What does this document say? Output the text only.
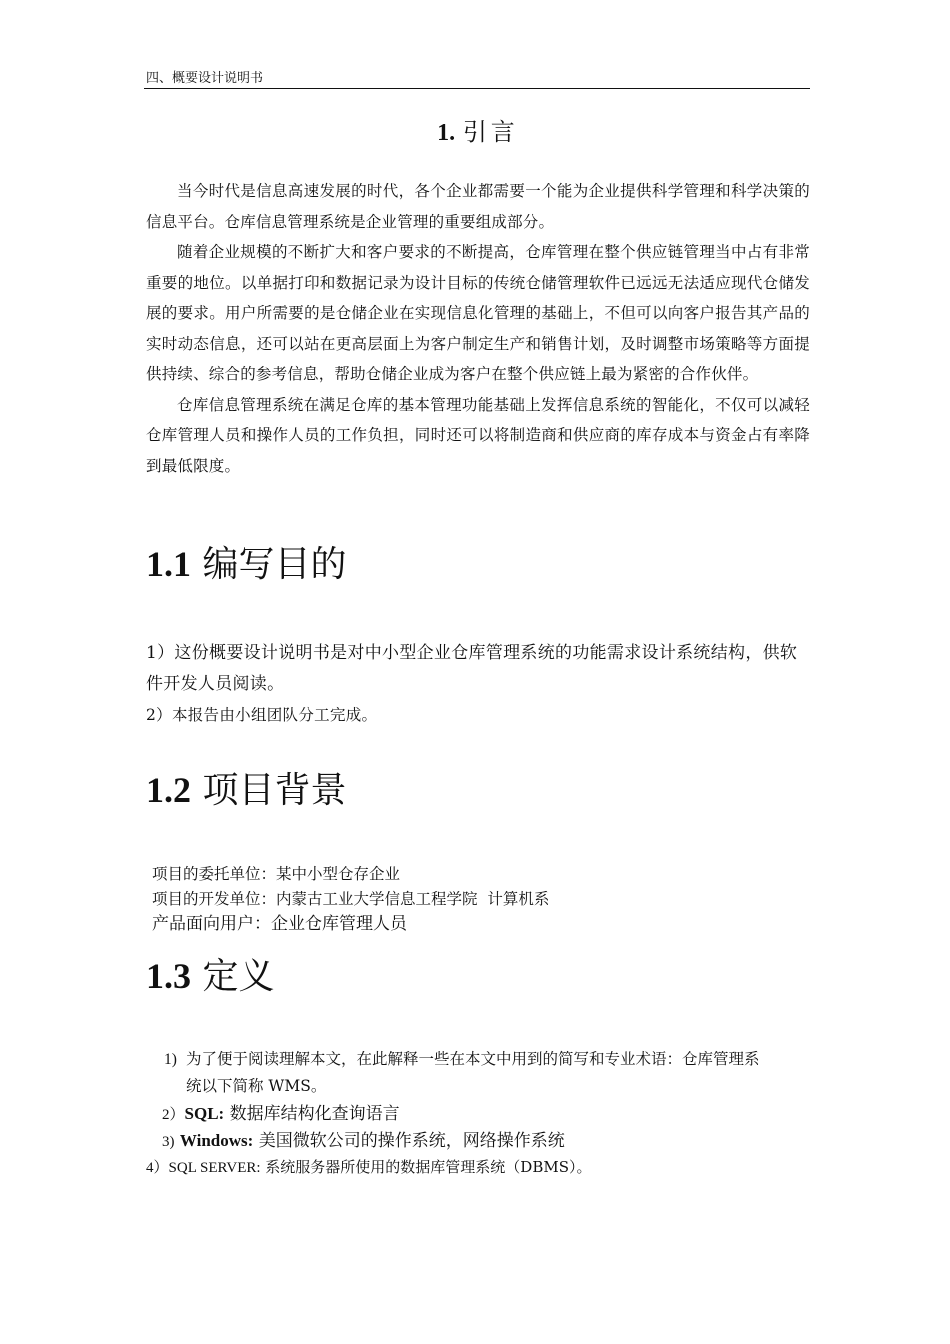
四、概要设计说明书
1. 引言

当今时代是信息高速发展的时代，各个企业都需要一个能为企业提供科学管理和科学决策的信息平台。仓库信息管理系统是企业管理的重要组成部分。

随着企业规模的不断扩大和客户要求的不断提高，仓库管理在整个供应链管理当中占有非常重要的地位。以单据打印和数据记录为设计目标的传统仓储管理软件已远远无法适应现代仓储发展的要求。用户所需要的是仓储企业在实现信息化管理的基础上，不但可以向客户报告其产品的实时动态信息，还可以站在更高层面上为客户制定生产和销售计划，及时调整市场策略等方面提供持续、综合的参考信息，帮助仓储企业成为客户在整个供应链上最为紧密的合作伙伴。

仓库信息管理系统在满足仓库的基本管理功能基础上发挥信息系统的智能化，不仅可以减轻仓库管理人员和操作人员的工作负担，同时还可以将制造商和供应商的库存成本与资金占有率降到最低限度。

1.1 编写目的

1）这份概要设计说明书是对中小型企业仓库管理系统的功能需求设计系统结构，供软件开发人员阅读。

2）本报告由小组团队分工完成。

1.2 项目背景

项目的委托单位：某中小型仓存企业

项目的开发单位：内蒙古工业大学信息工程学院  计算机系

产品面向用户：企业仓库管理人员

1.3 定义

1) 为了便于阅读理解本文，在此解释一些在本文中用到的简写和专业术语：仓库管理系

统以下简称 WMS。

2）SQL: 数据库结构化查询语言

3) Windows: 美国微软公司的操作系统，网络操作系统

4）SQL SERVER: 系统服务器所使用的数据库管理系统（DBMS）。
